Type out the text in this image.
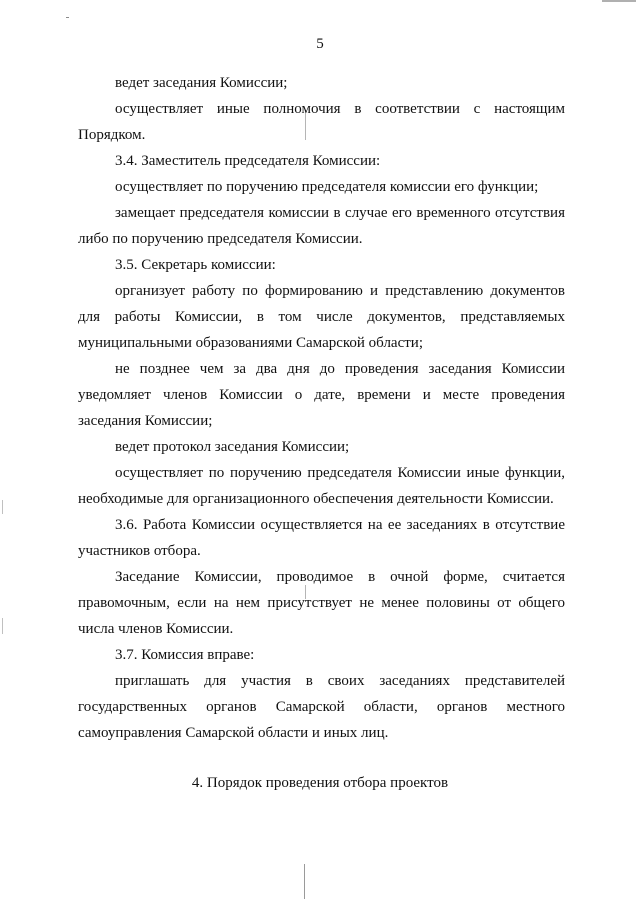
5

ведет заседания Комиссии;

осуществляет иные полномочия в соответствии с настоящим Порядком.

3.4. Заместитель председателя Комиссии:

осуществляет по поручению председателя комиссии его функции;

замещает председателя комиссии в случае его временного отсутствия либо по поручению председателя Комиссии.

3.5. Секретарь комиссии:

организует работу по формированию и представлению документов для работы Комиссии, в том числе документов, представляемых муниципальными образованиями Самарской области;

не позднее чем за два дня до проведения заседания Комиссии уведомляет членов Комиссии о дате, времени и месте проведения заседания Комиссии;

ведет протокол заседания Комиссии;

осуществляет по поручению председателя Комиссии иные функции, необходимые для организационного обеспечения деятельности Комиссии.

3.6. Работа Комиссии осуществляется на ее заседаниях в отсутствие участников отбора.

Заседание Комиссии, проводимое в очной форме, считается правомочным, если на нем присутствует не менее половины от общего числа членов Комиссии.

3.7. Комиссия вправе:

приглашать для участия в своих заседаниях представителей государственных органов Самарской области, органов местного самоуправления Самарской области и иных лиц.

4. Порядок проведения отбора проектов
